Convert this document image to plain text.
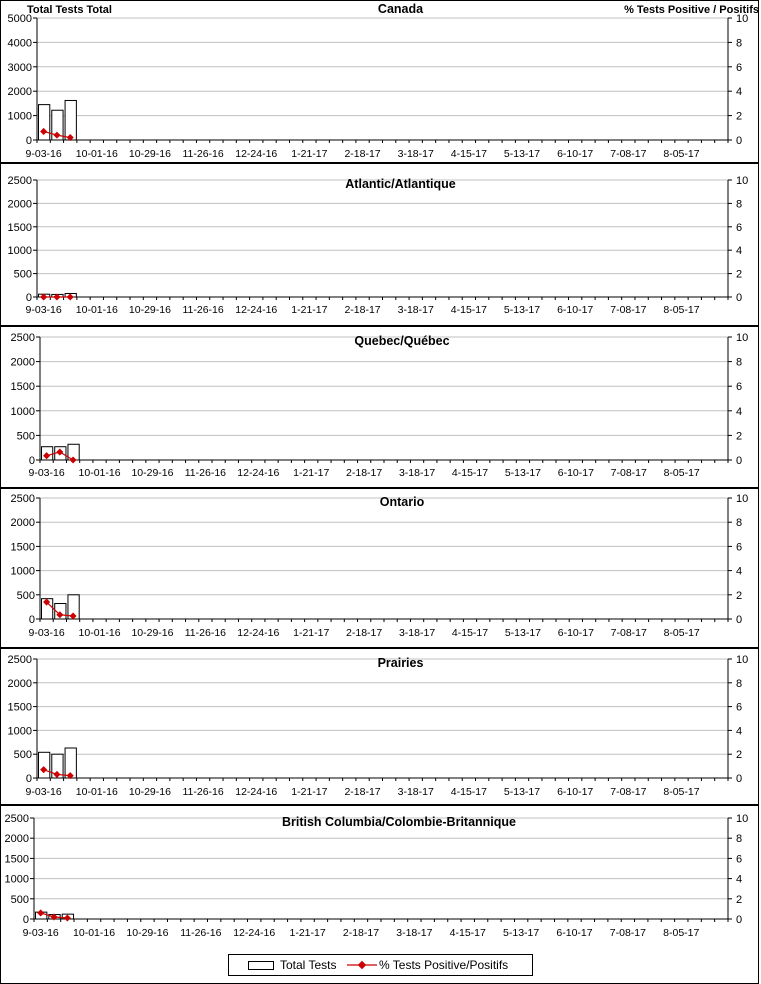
0
1000
2000
3000
4000
5000
0
2
4
6
8
10
9-03-16 10-01-16 10-29-16 11-26-16 12-24-16 1-21-17 2-18-17 3-18-17 4-15-17 5-13-17 6-10-17 7-08-17 8-05-17
Canada
0
500
1000
1500
2000
2500
0
2
4
6
8
10
9-03-16 10-01-16 10-29-16 11-26-16 12-24-16 1-21-17 2-18-17 3-18-17 4-15-17 5-13-17 6-10-17 7-08-17 8-05-17
Atlantic/Atlantique
0
500
1000
1500
2000
2500
0
2
4
6
8
10
9-03-16 10-01-16 10-29-16 11-26-16 12-24-16 1-21-17 2-18-17 3-18-17 4-15-17 5-13-17 6-10-17 7-08-17 8-05-17
Quebec/Québec
0
500
1000
1500
2000
2500
0
2
4
6
8
10
9-03-16 10-01-16 10-29-16 11-26-16 12-24-16 1-21-17 2-18-17 3-18-17 4-15-17 5-13-17 6-10-17 7-08-17 8-05-17
Ontario
0
500
1000
1500
2000
2500
0
2
4
6
8
10
9-03-16 10-01-16 10-29-16 11-26-16 12-24-16 1-21-17 2-18-17 3-18-17 4-15-17 5-13-17 6-10-17 7-08-17 8-05-17
Prairies
0
500
1000
1500
2000
2500
0
2
4
6
8
10
9-03-16 10-01-16 10-29-16 11-26-16 12-24-16 1-21-17 2-18-17 3-18-17 4-15-17 5-13-17 6-10-17 7-08-17 8-05-17
British Columbia/Colombie-Britannique
Total Tests Total	% Tests Positive / Positifs
Total Tests	% Tests Positive/Positifs
